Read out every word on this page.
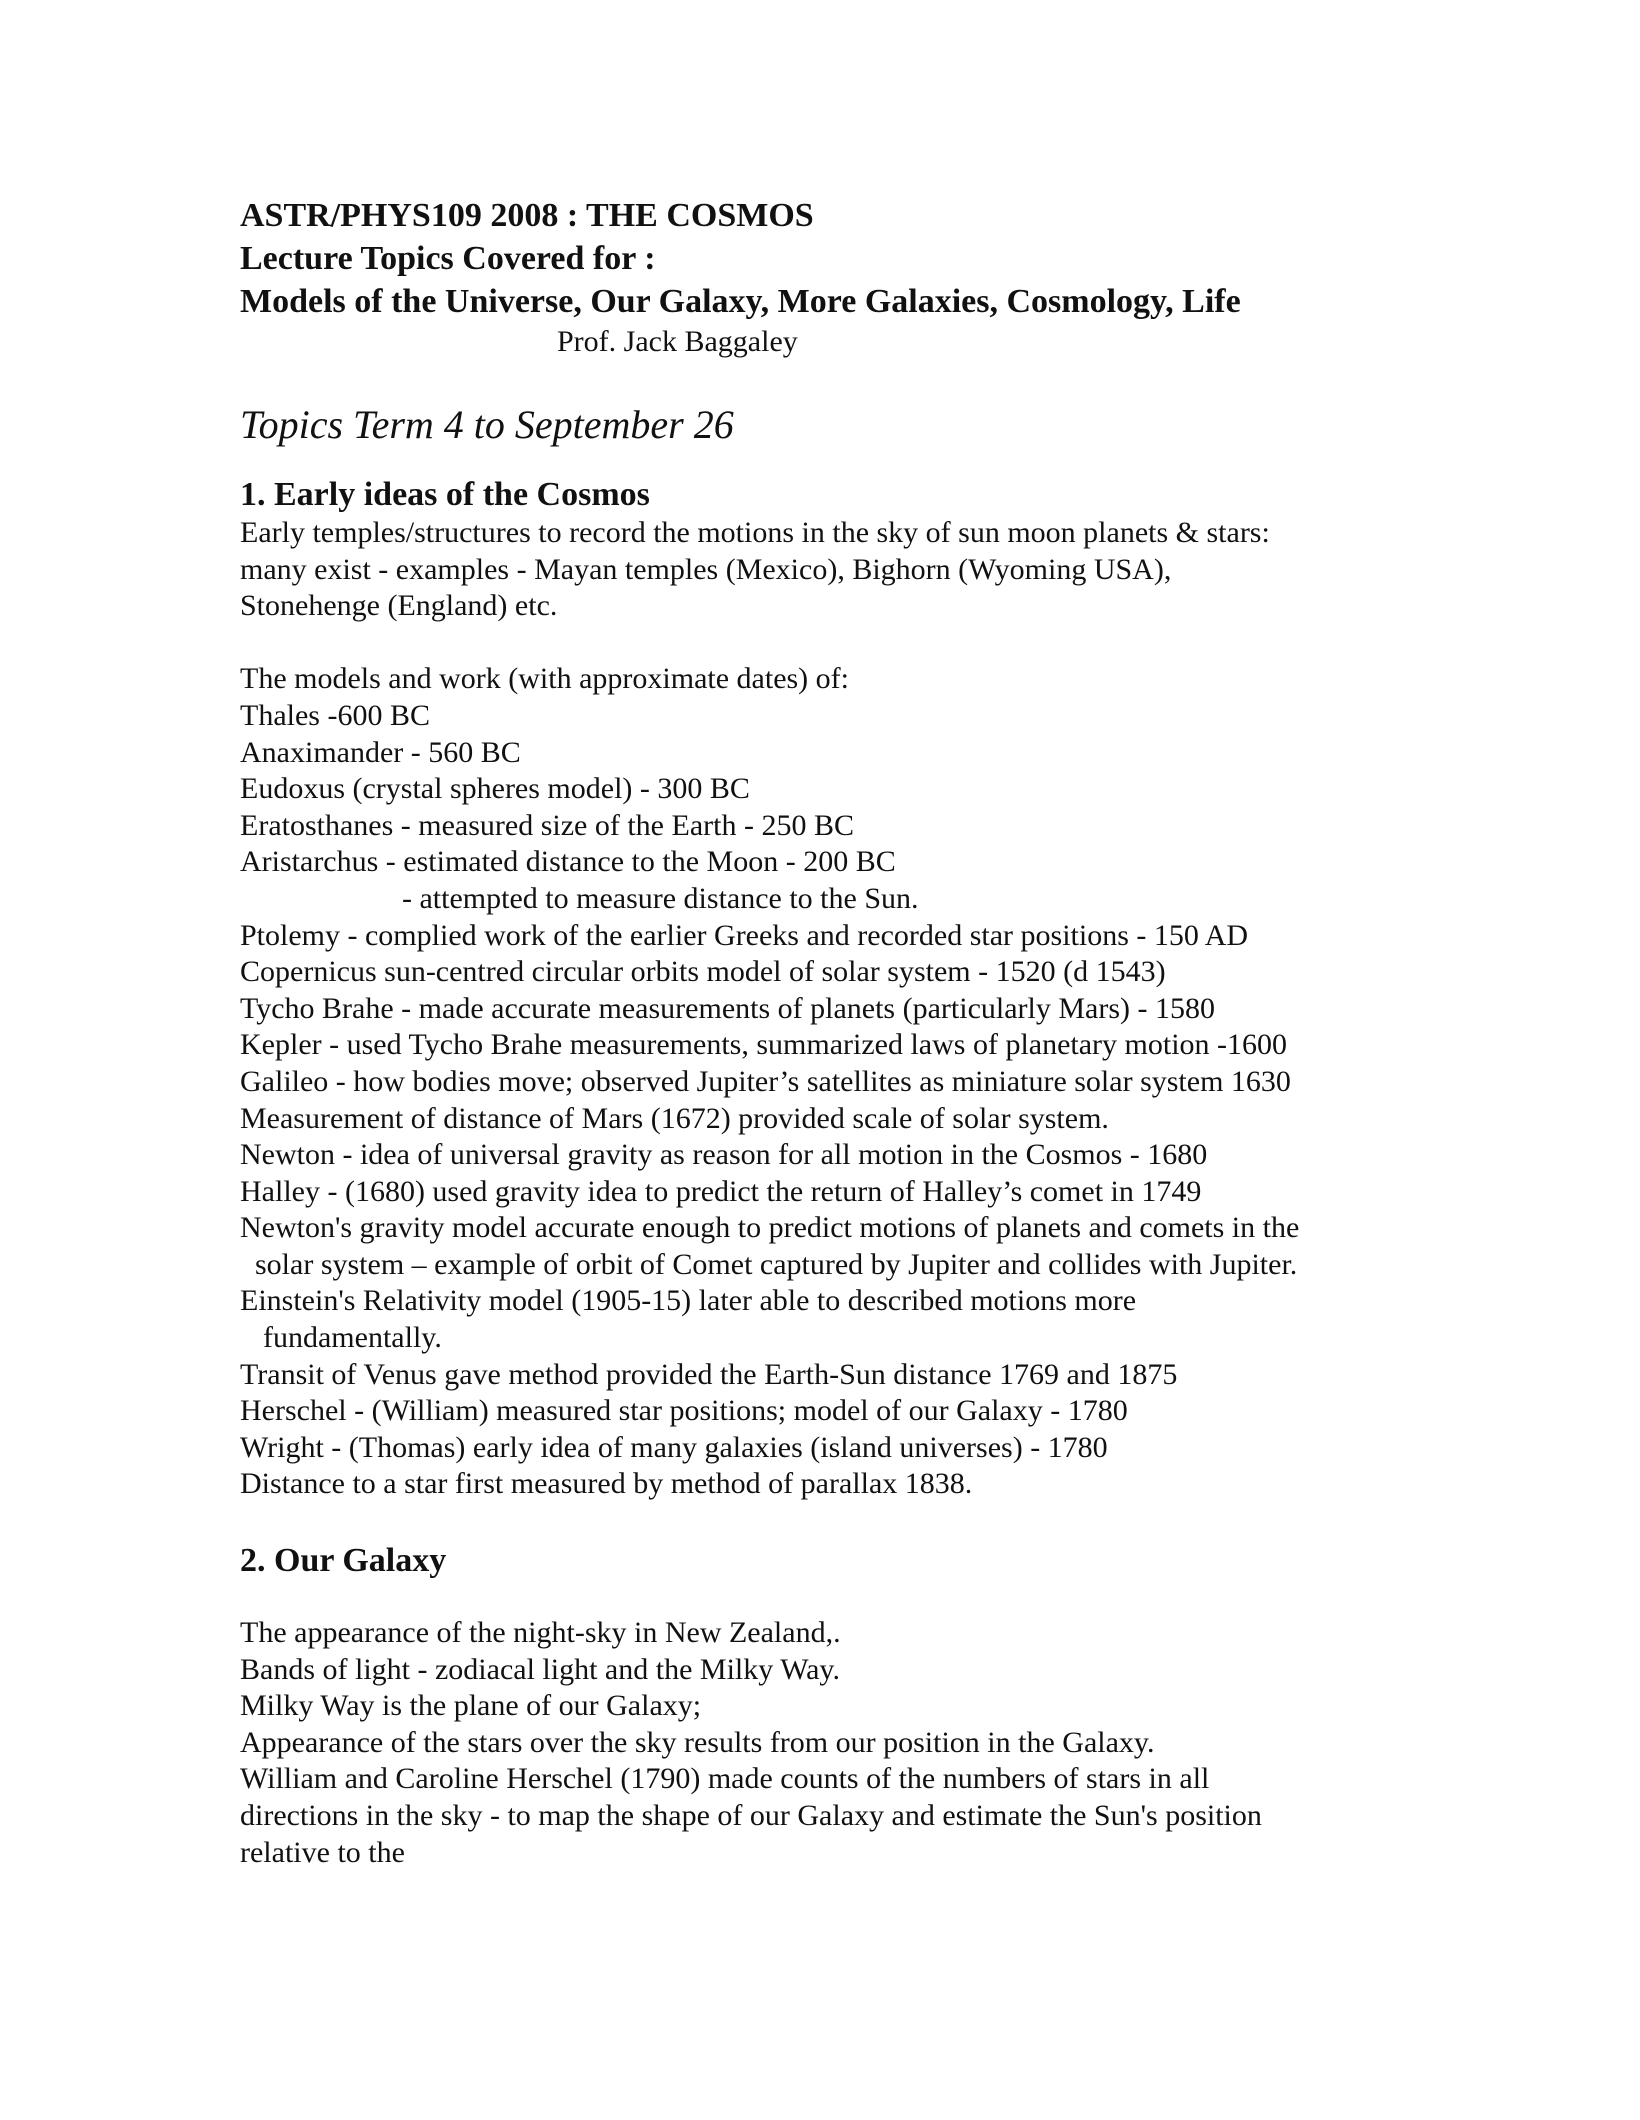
ASTR/PHYS109 2008 : THE COSMOS
Lecture Topics Covered for :
Models of the Universe, Our Galaxy, More Galaxies, Cosmology, Life
Prof. Jack Baggaley
Topics Term 4 to September 26
1. Early ideas of the Cosmos
Early temples/structures to record the motions in the sky of sun moon planets & stars:
many exist - examples - Mayan temples (Mexico), Bighorn (Wyoming USA),
Stonehenge (England) etc.
The models and work (with approximate dates) of:
Thales -600 BC
Anaximander - 560 BC
Eudoxus (crystal spheres model) - 300 BC
Eratosthanes - measured size of the Earth - 250 BC
Aristarchus - estimated distance to the Moon - 200 BC
- attempted to measure distance to the Sun.
Ptolemy - complied work of the earlier Greeks and recorded star positions - 150 AD
Copernicus sun-centred circular orbits model of solar system - 1520 (d 1543)
Tycho Brahe - made accurate measurements of planets (particularly Mars) - 1580
Kepler - used Tycho Brahe measurements, summarized laws of planetary motion -1600
Galileo - how bodies move; observed Jupiter’s satellites as miniature solar system 1630
Measurement of distance of Mars (1672) provided scale of solar system.
Newton - idea of universal gravity as reason for all motion in the Cosmos - 1680
Halley - (1680) used gravity idea to predict the return of Halley’s comet in 1749
Newton's gravity model accurate enough to predict motions of planets and comets in the
solar system – example of orbit of Comet captured by Jupiter and collides with Jupiter.
Einstein's Relativity model (1905-15) later able to described motions more
fundamentally.
Transit of Venus gave method provided the Earth-Sun distance 1769 and 1875
Herschel - (William) measured star positions; model of our Galaxy - 1780
Wright - (Thomas) early idea of many galaxies (island universes) - 1780
Distance to a star first measured by method of parallax 1838.
2. Our Galaxy
The appearance of the night-sky in New Zealand,.
Bands of light - zodiacal light and the Milky Way.
Milky Way is the plane of our Galaxy;
Appearance of the stars over the sky results from our position in the Galaxy.
William and Caroline Herschel (1790) made counts of the numbers of stars in all
directions in the sky - to map the shape of our Galaxy and estimate the Sun's position
relative to the
